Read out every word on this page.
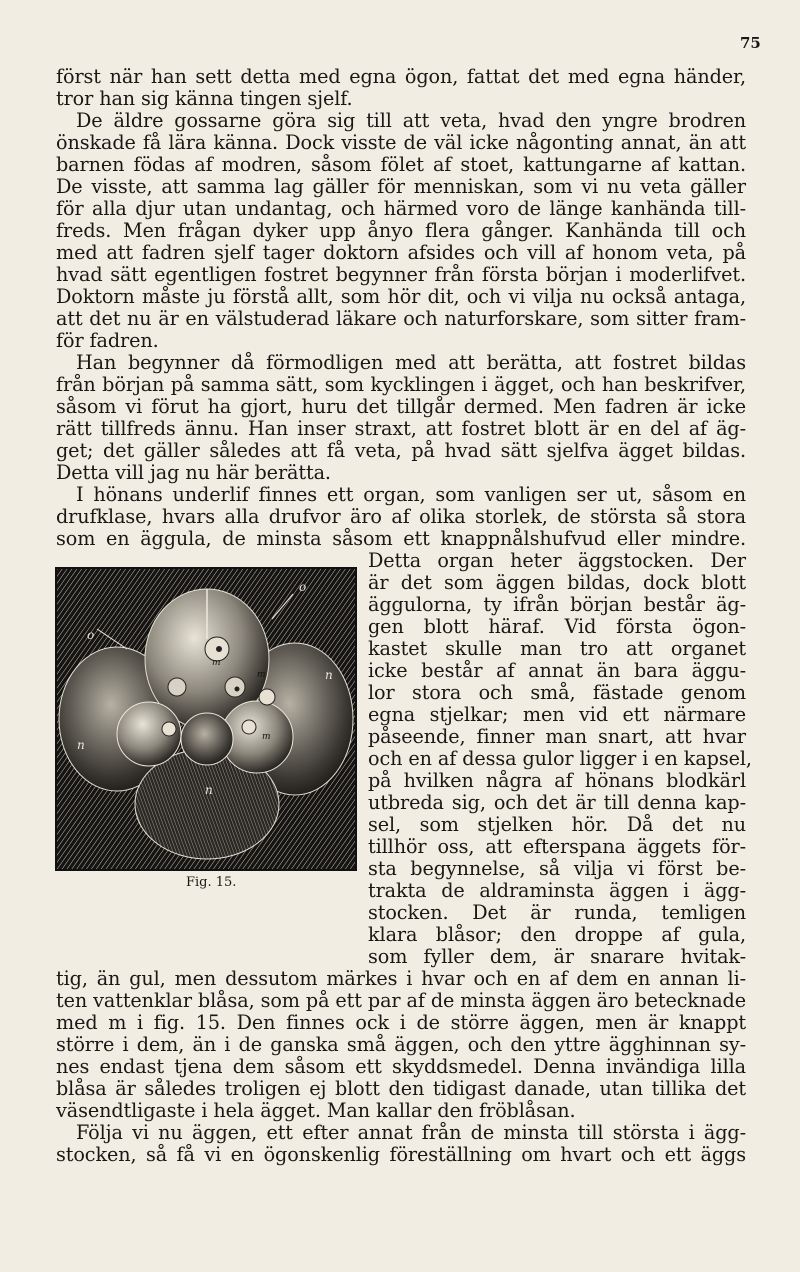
75
först när han sett detta med egna ögon, fattat det med egna händer,
tror han sig känna tingen sjelf.
De äldre gossarne göra sig till att veta, hvad den yngre brodren
önskade få lära känna. Dock visste de väl icke någonting annat, än att
barnen födas af modren, såsom fölet af stoet, kattungarne af kattan.
De visste, att samma lag gäller för menniskan, som vi nu veta gäller
för alla djur utan undantag, och härmed voro de länge kanhända till-
freds. Men frågan dyker upp ånyo flera gånger. Kanhända till och
med att fadren sjelf tager doktorn afsides och vill af honom veta, på
hvad sätt egentligen fostret begynner från första början i moderlifvet.
Doktorn måste ju förstå allt, som hör dit, och vi vilja nu också antaga,
att det nu är en välstuderad läkare och naturforskare, som sitter fram-
för fadren.
Han begynner då förmodligen med att berätta, att fostret bildas
från början på samma sätt, som kycklingen i ägget, och han beskrifver,
såsom vi förut ha gjort, huru det tillgår dermed. Men fadren är icke
rätt tillfreds ännu. Han inser straxt, att fostret blott är en del af äg-
get; det gäller således att få veta, på hvad sätt sjelfva ägget bildas.
Detta vill jag nu här berätta.
I hönans underlif finnes ett organ, som vanligen ser ut, såsom en
drufklase, hvars alla drufvor äro af olika storlek, de största så stora
som en äggula, de minsta såsom ett knappnålshufvud eller mindre.
o
o
n
m
m
n
m
n
Fig. 15.
Detta organ heter äggstocken. Der
är det som äggen bildas, dock blott
äggulorna, ty ifrån början består äg-
gen blott häraf. Vid första ögon-
kastet skulle man tro att organet
icke består af annat än bara äggu-
lor stora och små, fästade genom
egna stjelkar; men vid ett närmare
påseende, finner man snart, att hvar
och en af dessa gulor ligger i en kapsel,
på hvilken några af hönans blodkärl
utbreda sig, och det är till denna kap-
sel, som stjelken hör. Då det nu
tillhör oss, att efterspana äggets för-
sta begynnelse, så vilja vi först be-
trakta de aldraminsta äggen i ägg-
stocken. Det är runda, temligen
klara blåsor; den droppe af gula,
som fyller dem, är snarare hvitak-
tig, än gul, men dessutom märkes i hvar och en af dem en annan li-
ten vattenklar blåsa, som på ett par af de minsta äggen äro betecknade
med m i fig. 15. Den finnes ock i de större äggen, men är knappt
större i dem, än i de ganska små äggen, och den yttre ägghinnan sy-
nes endast tjena dem såsom ett skyddsmedel. Denna invändiga lilla
blåsa är således troligen ej blott den tidigast danade, utan tillika det
väsendtligaste i hela ägget. Man kallar den fröblåsan.
Följa vi nu äggen, ett efter annat från de minsta till största i ägg-
stocken, så få vi en ögonskenlig föreställning om hvart och ett äggs
